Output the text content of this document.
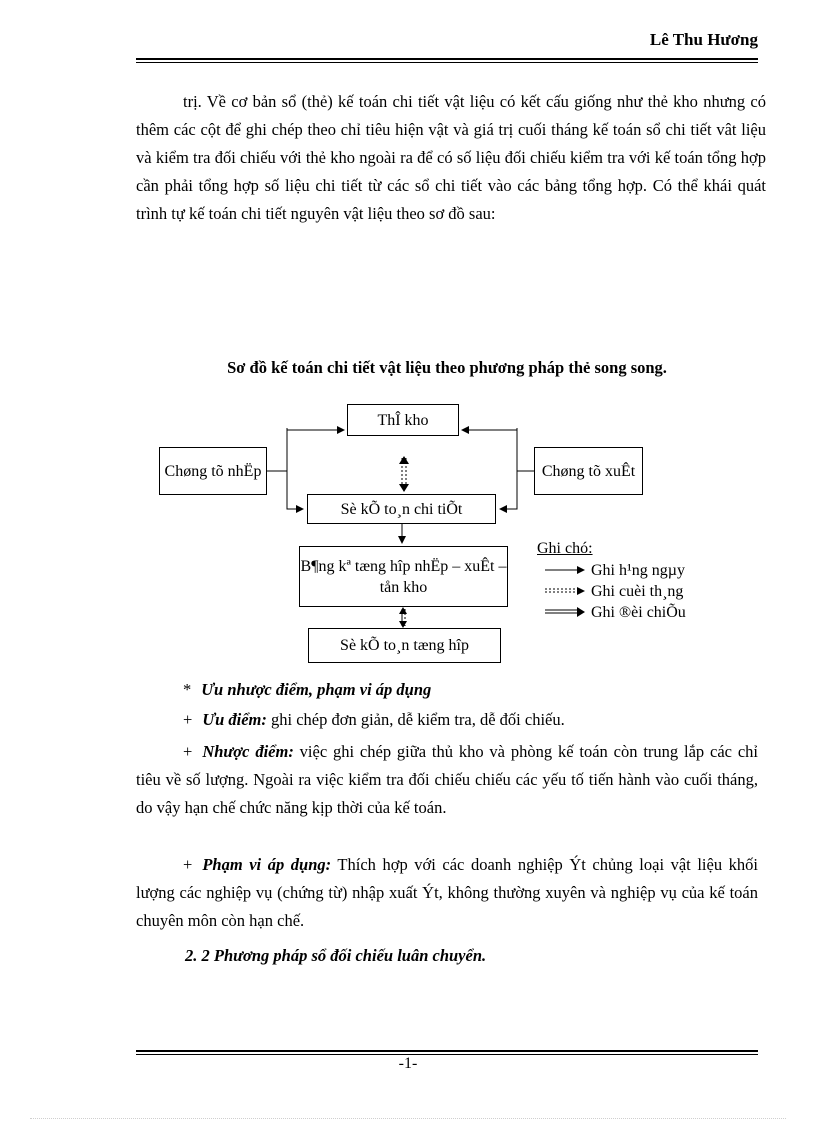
Lê Thu Hương

trị. Về cơ bản sổ (thẻ) kế toán chi tiết vật liệu có kết cấu giống như thẻ kho nhưng có thêm các cột để ghi chép theo chỉ tiêu hiện vật và giá trị cuối tháng kế toán sổ chi tiết vât liệu và kiểm tra đối chiếu với thẻ kho ngoài ra để có số liệu đối chiếu kiểm tra với kế toán tổng hợp cần phải tổng hợp số liệu chi tiết từ các sổ chi tiết vào các bảng tổng hợp. Có thể khái quát trình tự kế toán chi tiết nguyên vật liệu theo sơ đồ sau:

Sơ đồ kế toán chi tiết vật liệu theo phương pháp thẻ song song.
ThÎ kho
Chøng tõ nhËp	Chøng tõ xuÊt
Sè kÕ to¸n chi tiÕt
B¶ng kª tæng hîp nhËp – xuÊt – tån kho
Sè kÕ to¸n tæng hîp
Ghi chó:
Ghi h¹ng ngµy
Ghi cuèi th¸ng
Ghi ®èi chiÕu

* Ưu nhược điểm, phạm vi áp dụng

+ Ưu điểm: ghi chép đơn giản, dễ kiểm tra, dễ đối chiếu.

+ Nhược điểm: việc ghi chép giữa thủ kho và phòng kế toán còn trung lắp các chỉ tiêu về số lượng. Ngoài ra việc kiểm tra đối chiếu chiếu các yếu tố tiến hành vào cuối tháng, do vậy hạn chế chức năng kịp thời của kế toán.

+ Phạm vi áp dụng: Thích hợp với các doanh nghiệp Ýt chủng loại vật liệu khối lượng các nghiệp vụ (chứng từ) nhập xuất Ýt, không thường xuyên và nghiệp vụ của kế toán chuyên môn còn hạn chế.

2. 2 Phương pháp sổ đối chiếu luân chuyển.

-1-
